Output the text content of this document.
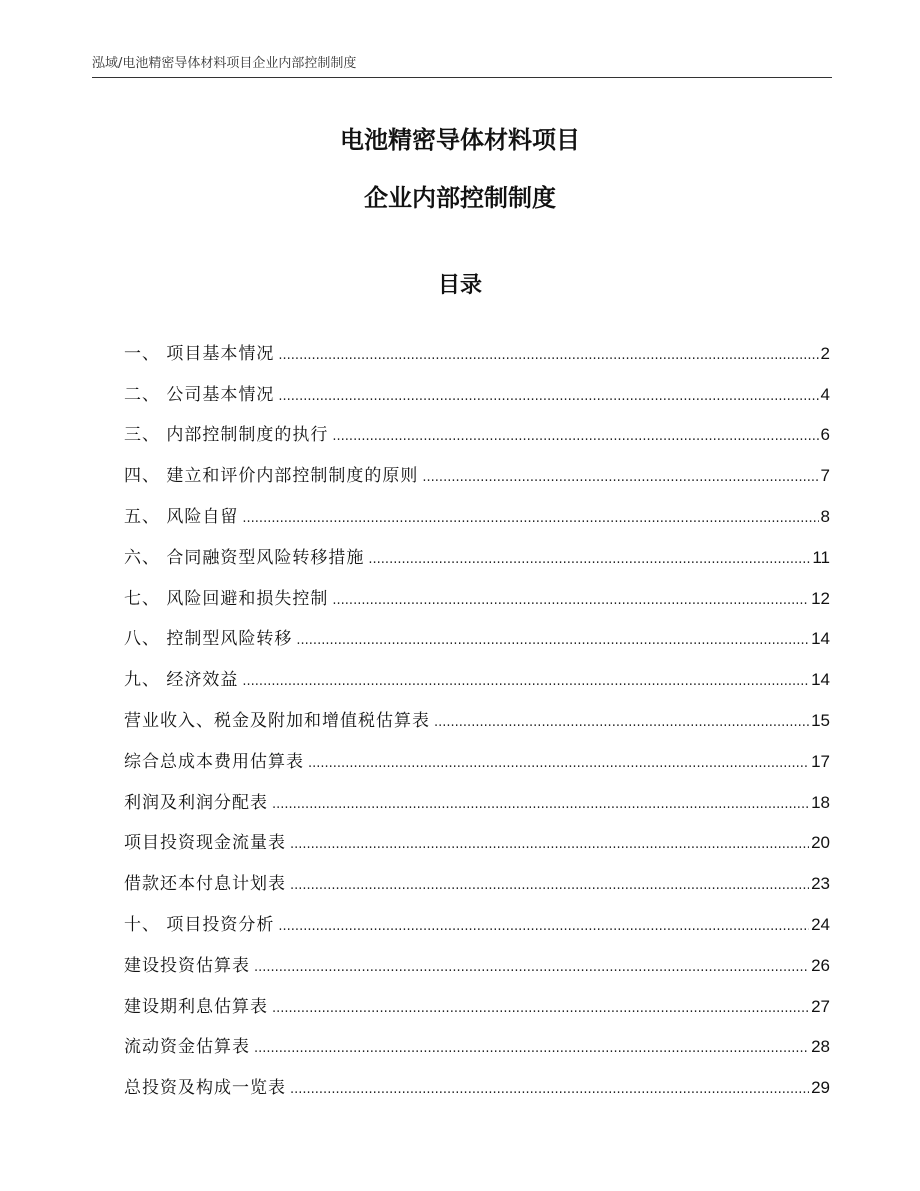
泓域/电池精密导体材料项目企业内部控制制度
电池精密导体材料项目
企业内部控制制度
目录
一、 项目基本情况 .....	2
二、 公司基本情况 .....	4
三、 内部控制制度的执行 .....	6
四、 建立和评价内部控制制度的原则 .....	7
五、 风险自留 .....	8
六、 合同融资型风险转移措施 .....	11
七、 风险回避和损失控制 .....	12
八、 控制型风险转移 .....	14
九、 经济效益 .....	14
营业收入、税金及附加和增值税估算表 .....	15
综合总成本费用估算表 .....	17
利润及利润分配表 .....	18
项目投资现金流量表 .....	20
借款还本付息计划表 .....	23
十、 项目投资分析 .....	24
建设投资估算表 .....	26
建设期利息估算表 .....	27
流动资金估算表 .....	28
总投资及构成一览表 .....	29
